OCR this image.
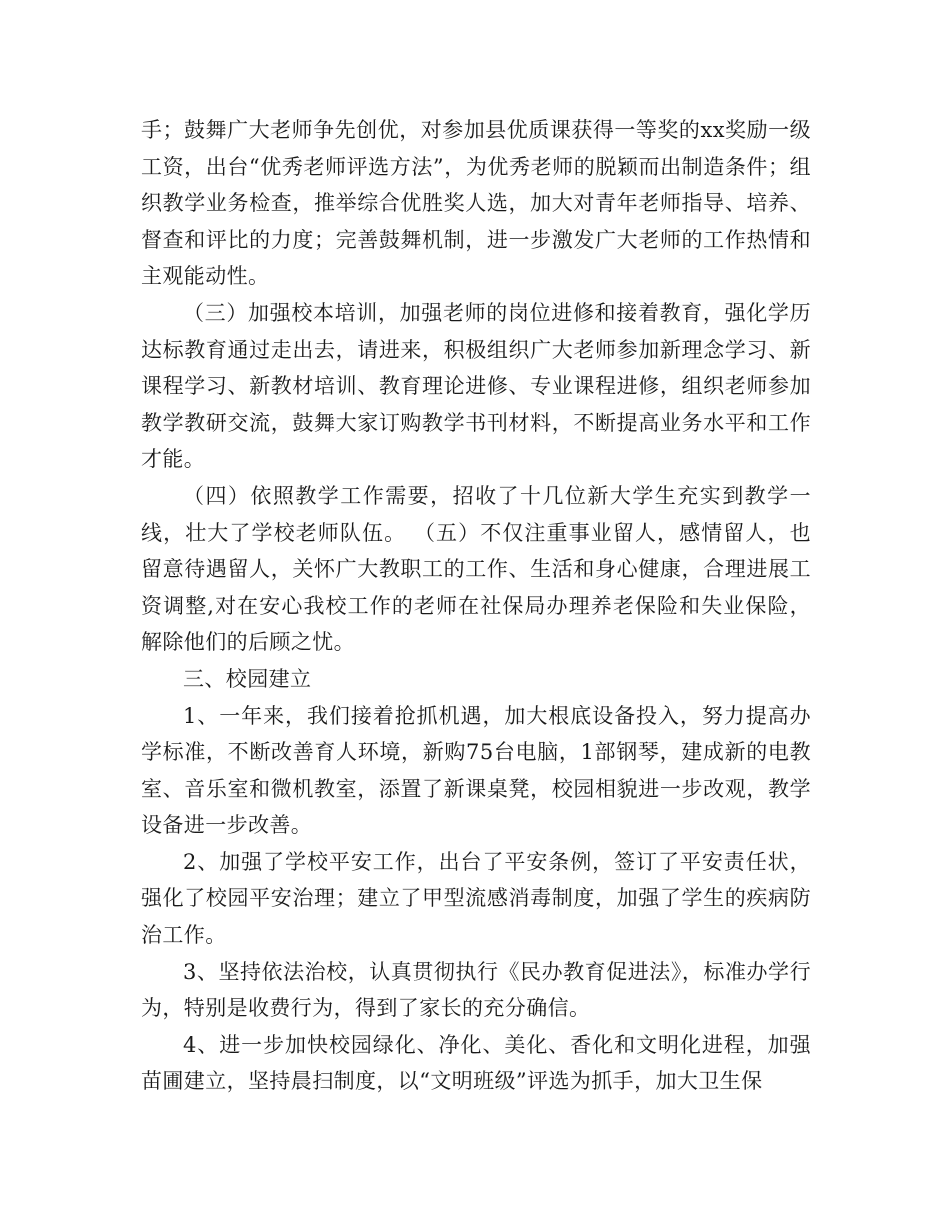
手；鼓舞广大老师争先创优，对参加县优质课获得一等奖的xx奖励一级工资，出台“优秀老师评选方法”，为优秀老师的脱颖而出制造条件；组织教学业务检查，推举综合优胜奖人选，加大对青年老师指导、培养、督查和评比的力度；完善鼓舞机制，进一步激发广大老师的工作热情和主观能动性。

（三）加强校本培训，加强老师的岗位进修和接着教育，强化学历达标教育通过走出去，请进来，积极组织广大老师参加新理念学习、新课程学习、新教材培训、教育理论进修、专业课程进修，组织老师参加教学教研交流，鼓舞大家订购教学书刊材料，不断提高业务水平和工作才能。

（四）依照教学工作需要，招收了十几位新大学生充实到教学一线，壮大了学校老师队伍。 （五）不仅注重事业留人，感情留人，也留意待遇留人，关怀广大教职工的工作、生活和身心健康，合理进展工资调整,对在安心我校工作的老师在社保局办理养老保险和失业保险，解除他们的后顾之忧。

三、校园建立

1、一年来，我们接着抢抓机遇，加大根底设备投入，努力提高办学标准，不断改善育人环境，新购75台电脑，1部钢琴，建成新的电教室、音乐室和微机教室，添置了新课桌凳，校园相貌进一步改观，教学设备进一步改善。

2、加强了学校平安工作，出台了平安条例，签订了平安责任状，强化了校园平安治理；建立了甲型流感消毒制度，加强了学生的疾病防治工作。

3、坚持依法治校，认真贯彻执行《民办教育促进法》，标准办学行为，特别是收费行为，得到了家长的充分确信。

4、进一步加快校园绿化、净化、美化、香化和文明化进程，加强苗圃建立，坚持晨扫制度，以“文明班级”评选为抓手，加大卫生保
